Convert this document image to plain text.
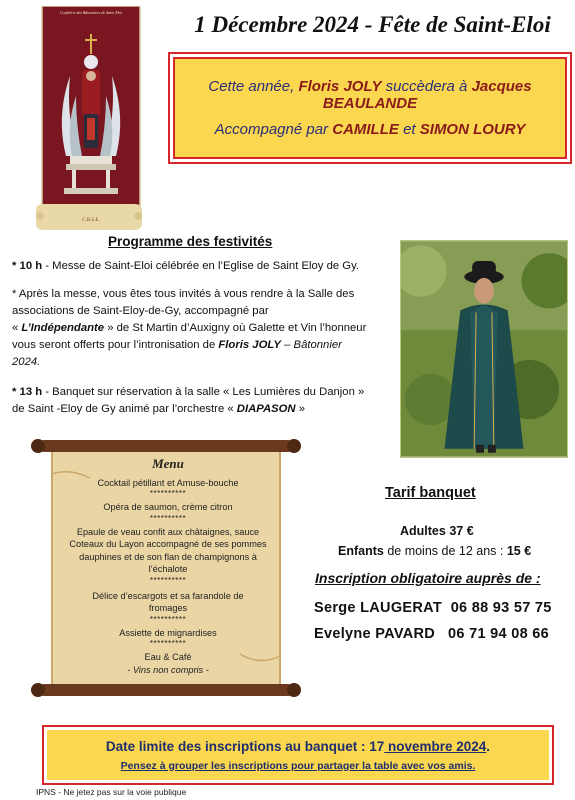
1 Décembre 2024 - Fête de Saint-Eloi
Confrérie des Bâtonniers de Saint Eloi
C.B.S.E.
Cette année, Floris JOLY succèdera à Jacques BEAULANDE
Accompagné par CAMILLE et SIMON LOURY
Programme des festivités
* 10 h - Messe de Saint-Eloi célébrée en l’Eglise de Saint Eloy de Gy.
* Après la messe, vous êtes tous invités à vous rendre à la Salle des associations de Saint-Eloy-de-Gy, accompagné par
« L’Indépendante » de St Martin d’Auxigny où Galette et Vin l’honneur vous seront offerts pour l’intronisation de Floris JOLY – Bâtonnier 2024.
* 13 h - Banquet sur réservation à la salle « Les Lumières du Danjon » de Saint -Eloy de Gy animé par l’orchestre « DIAPASON »
Menu
Cocktail pétillant et Amuse-bouche
**********
Opéra de saumon, crème citron
**********
Epaule de veau confit aux châtaignes, sauce Coteaux du Layon accompagné de ses pommes dauphines et de son flan de champignons à l’échalote
**********
Délice d’escargots et sa farandole de fromages
**********
Assiette de mignardises
**********
Eau & Café
- Vins non compris -
Tarif banquet
Adultes 37 €
Enfants de moins de 12 ans : 15 €
Inscription obligatoire auprès de :
Serge LAUGERAT 06 88 93 57 75
Evelyne PAVARD 06 71 94 08 66
Date limite des inscriptions au banquet : 17 novembre 2024.
Pensez à grouper les inscriptions pour partager la table avec vos amis.
IPNS - Ne jetez pas sur la voie publique
